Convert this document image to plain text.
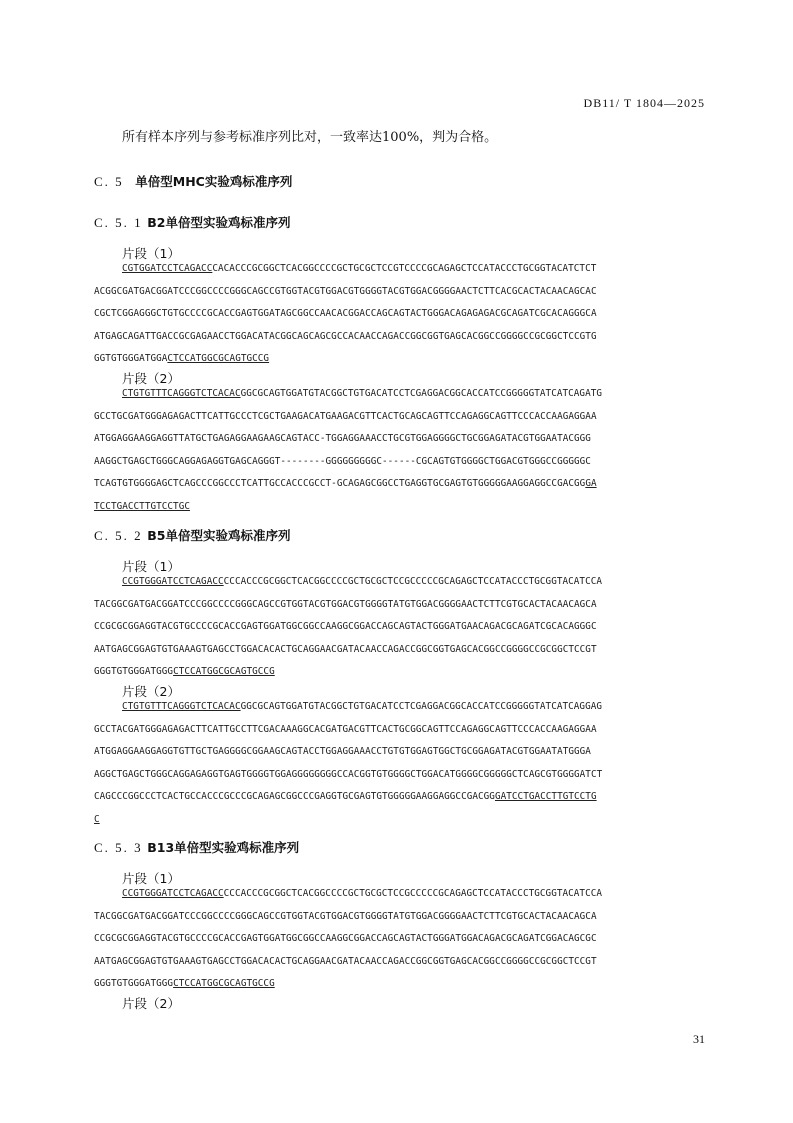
DB11/ T 1804—2025
所有样本序列与参考标准序列比对，一致率达100%，判为合格。
C. 5 单倍型MHC实验鸡标准序列
C. 5. 1 B2单倍型实验鸡标准序列
片段（1）
CGTGGATCCTCAGACCCACACCCGCGGCTCACGGCCCCGCTGCGCTCCGTCCCCGCAGAGCTCCATACCCTGCGGTACATCTCT
ACGGCGATGACGGATCCCGGCCCCGGGCAGCCGTGGTACGTGGACGTGGGGTACGTGGACGGGGAACTCTTCACGCACTACAACAGCAC
CGCTCGGAGGGCTGTGCCCCGCACCGAGTGGATAGCGGCCAACACGGACCAGCAGTACTGGGACAGAGAGACGCAGATCGCACAGGGCA
ATGAGCAGATTGACCGCGAGAACCTGGACATACGGCAGCAGCGCCACAACCAGACCGGCGGTGAGCACGGCCGGGGCCGCGGCTCCGTG
GGTGTGGGATGGACTCCATGGCGCAGTGCCG
片段（2）
CTGTGTTTCAGGGTCTCACACGGCGCAGTGGATGTACGGCTGTGACATCCTCGAGGACGGCACCATCCGGGGGTATCATCAGATG
GCCTGCGATGGGAGAGACTTCATTGCCCTCGCTGAAGACATGAAGACGTTCACTGCAGCAGTTCCAGAGGCAGTTCCCACCAAGAGGAA
ATGGAGGAAGGAGGTTATGCTGAGAGGAAGAAGCAGTACC-TGGAGGAAACCTGCGTGGAGGGGCTGCGGAGATACGTGGAATACGGG
AAGGCTGAGCTGGGCAGGAGAGGTGAGCAGGGT--------GGGGGGGGGC------CGCAGTGTGGGGCTGGACGTGGGCCGGGGGC
TCAGTGTGGGGAGCTCAGCCCGGCCCTCATTGCCACCCGCCT-GCAGAGCGGCCTGAGGTGCGAGTGTGGGGGAAGGAGGCCGACGGGA
TCCTGACCTTGTCCTGC
C. 5. 2 B5单倍型实验鸡标准序列
片段（1）
CCGTGGGATCCTCAGACCCCCACCCGCGGCTCACGGCCCCGCTGCGCTCCGCCCCCGCAGAGCTCCATACCCTGCGGTACATCCA
TACGGCGATGACGGATCCCGGCCCCGGGCAGCCGTGGTACGTGGACGTGGGGTATGTGGACGGGGAACTCTTCGTGCACTACAACAGCA
CCGCGCGGAGGTACGTGCCCCGCACCGAGTGGATGGCGGCCAAGGCGGACCAGCAGTACTGGGATGAACAGACGCAGATCGCACAGGGC
AATGAGCGGAGTGTGAAAGTGAGCCTGGACACACTGCAGGAACGATACAACCAGACCGGCGGTGAGCACGGCCGGGGCCGCGGCTCCGT
GGGTGTGGGATGGGCTCCATGGCGCAGTGCCG
片段（2）
CTGTGTTTCAGGGTCTCACACGGCGCAGTGGATGTACGGCTGTGACATCCTCGAGGACGGCACCATCCGGGGGTATCATCAGGAG
GCCTACGATGGGAGAGACTTCATTGCCTTCGACAAAGGCACGATGACGTTCACTGCGGCAGTTCCAGAGGCAGTTCCCACCAAGAGGAA
ATGGAGGAAGGAGGTGTTGCTGAGGGGCGGAAGCAGTACCTGGAGGAAACCTGTGTGGAGTGGCTGCGGAGATACGTGGAATATGGGA
AGGCTGAGCTGGGCAGGAGAGGTGAGTGGGGTGGAGGGGGGGGCCACGGTGTGGGGCTGGACATGGGGCGGGGGCTCAGCGTGGGGATCT
CAGCCCGGCCCTCACTGCCACCCGCCCGCAGAGCGGCCCGAGGTGCGAGTGTGGGGGAAGGAGGCCGACGGGATCCTGACCTTGTCCTG
C
C. 5. 3 B13单倍型实验鸡标准序列
片段（1）
CCGTGGGATCCTCAGACCCCCACCCGCGGCTCACGGCCCCGCTGCGCTCCGCCCCCGCAGAGCTCCATACCCTGCGGTACATCCA
TACGGCGATGACGGATCCCGGCCCCGGGCAGCCGTGGTACGTGGACGTGGGGTATGTGGACGGGGAACTCTTCGTGCACTACAACAGCA
CCGCGCGGAGGTACGTGCCCCGCACCGAGTGGATGGCGGCCAAGGCGGACCAGCAGTACTGGGATGGACAGACGCAGATCGGACAGCGC
AATGAGCGGAGTGTGAAAGTGAGCCTGGACACACTGCAGGAACGATACAACCAGACCGGCGGTGAGCACGGCCGGGGCCGCGGCTCCGT
GGGTGTGGGATGGGCTCCATGGCGCAGTGCCG
片段（2）
31
